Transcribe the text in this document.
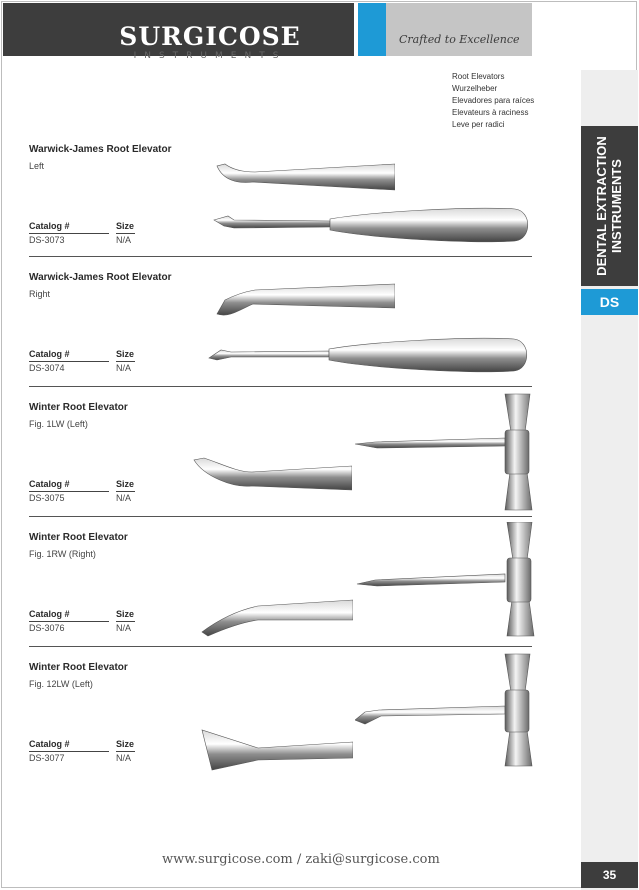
SURGICOSE
INSTRUMENTS
Crafted to Excellence
Root Elevators
Wurzelheber
Elevadores para raíces
Elevateurs à raciness
Leve per radici
DENTAL EXTRACTION INSTRUMENTS
DS
35
Warwick-James Root Elevator
Left
Catalog #	Size
DS-3073	N/A
Warwick-James Root Elevator
Right
Catalog #	Size
DS-3074	N/A
Winter Root Elevator
Fig. 1LW (Left)
Catalog #	Size
DS-3075	N/A
Winter Root Elevator
Fig. 1RW (Right)
Catalog #	Size
DS-3076	N/A
Winter Root Elevator
Fig. 12LW (Left)
Catalog #	Size
DS-3077	N/A
www.surgicose.com / zaki@surgicose.com
